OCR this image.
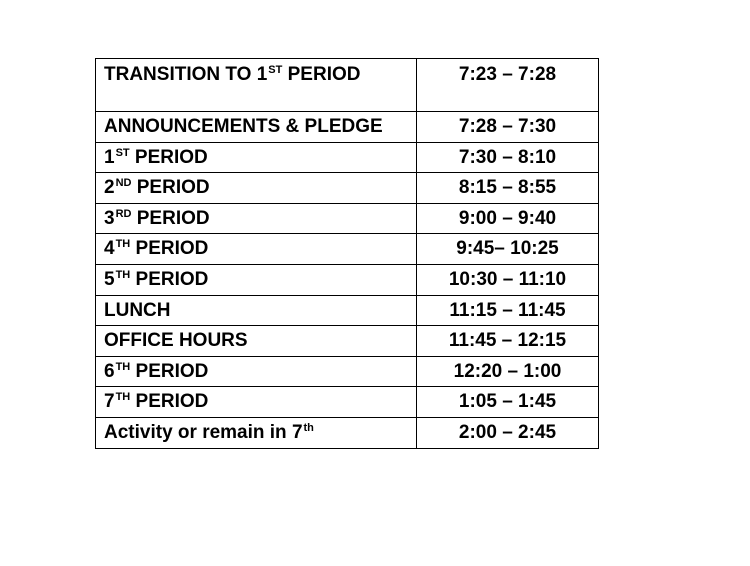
TRANSITION TO 1ST PERIOD	7:23 – 7:28
ANNOUNCEMENTS & PLEDGE	7:28 – 7:30
1ST PERIOD	7:30 – 8:10
2ND PERIOD	8:15 – 8:55
3RD PERIOD	9:00 – 9:40
4TH PERIOD	9:45– 10:25
5TH PERIOD	10:30 – 11:10
LUNCH	11:15 – 11:45
OFFICE HOURS	11:45 – 12:15
6TH PERIOD	12:20 – 1:00
7TH PERIOD	1:05 – 1:45
Activity or remain in 7th	2:00 – 2:45
